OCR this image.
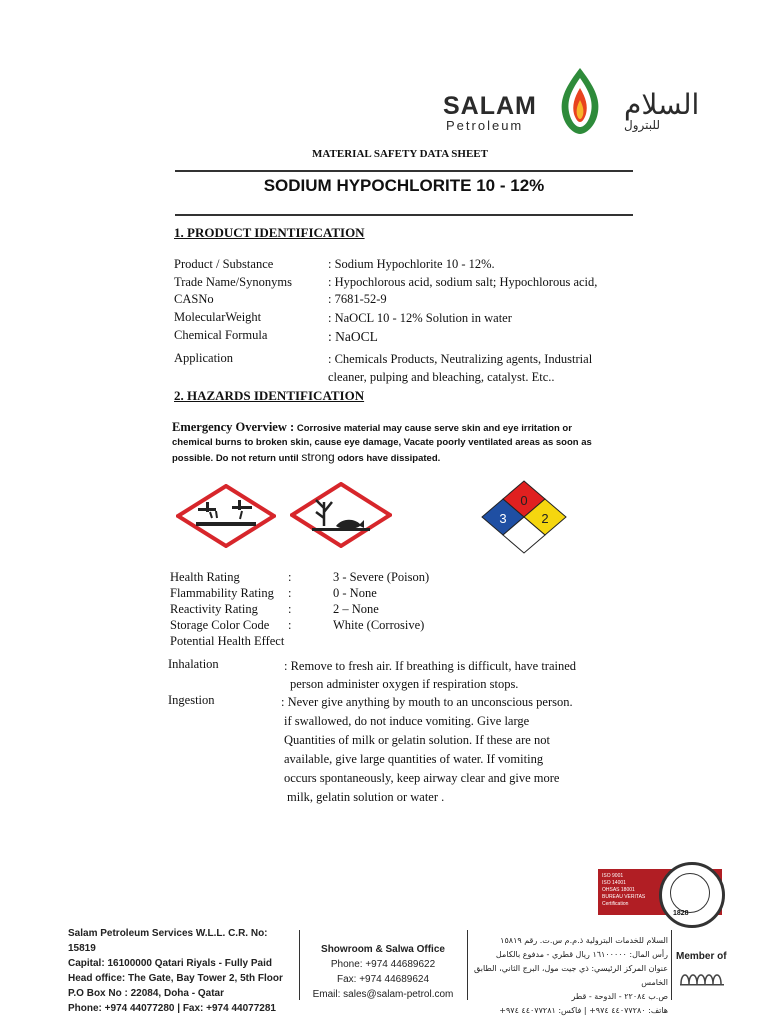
SALAM
Petroleum
السلام
للبترول
MATERIAL SAFETY DATA SHEET
SODIUM HYPOCHLORITE 10 - 12%
1. PRODUCT IDENTIFICATION
Product / Substance	: Sodium Hypochlorite 10 - 12%.
Trade Name/Synonyms	: Hypochlorous acid, sodium salt; Hypochlorous acid,
CASNo	: 7681-52-9
MolecularWeight	: NaOCL 10 - 12% Solution in water
Chemical Formula	: NaOCL
Application	: Chemicals Products, Neutralizing agents, Industrial
cleaner, pulping and bleaching, catalyst. Etc..
2. HAZARDS IDENTIFICATION
Emergency Overview : Corrosive material may cause serve skin and eye irritation or chemical burns to broken skin, cause eye damage, Vacate poorly ventilated areas as soon as possible. Do not return until strong odors have dissipated.
0
3	2
Health Rating	:	3 - Severe (Poison)
Flammability Rating :	0 - None
Reactivity Rating :	2 – None
Storage Color Code :	White (Corrosive)
Potential Health Effect
Inhalation	: Remove to fresh air. If breathing is difficult, have trained
person administer oxygen if respiration stops.
Ingestion	: Never give anything by mouth to an unconscious person.
if swallowed, do not induce vomiting. Give large
Quantities of milk or gelatin solution. If these are not
available, give large quantities of water. If vomiting
occurs spontaneously, keep airway clear and give more
milk, gelatin solution or water .
ISO 9001
ISO 14001
OHSAS 18001
BUREAU VERITAS
Certification
1828
Salam Petroleum Services W.L.L. C.R. No: 15819
Capital: 16100000 Qatari Riyals - Fully Paid
Head office: The Gate, Bay Tower 2, 5th Floor
P.O Box No : 22084, Doha - Qatar
Phone: +974 44077280 | Fax: +974 44077281
Showroom & Salwa Office
Phone: +974 44689622
Fax: +974 44689624
Email: sales@salam-petrol.com
السلام للخدمات البترولية ذ.م.م س.ت. رقم ١٥٨١٩
رأس المال: ١٦١٠٠٠٠٠ ريال قطري - مدفوع بالكامل
عنوان المركز الرئيسي: ذي جيت مول، البرج الثاني، الطابق الخامس
ص.ب ٢٢٠٨٤ - الدوحة - قطر
هاتف: ٤٤٠٧٧٢٨٠ ٩٧٤+ | فاكس: ٤٤٠٧٧٢٨١ ٩٧٤+
Member of
